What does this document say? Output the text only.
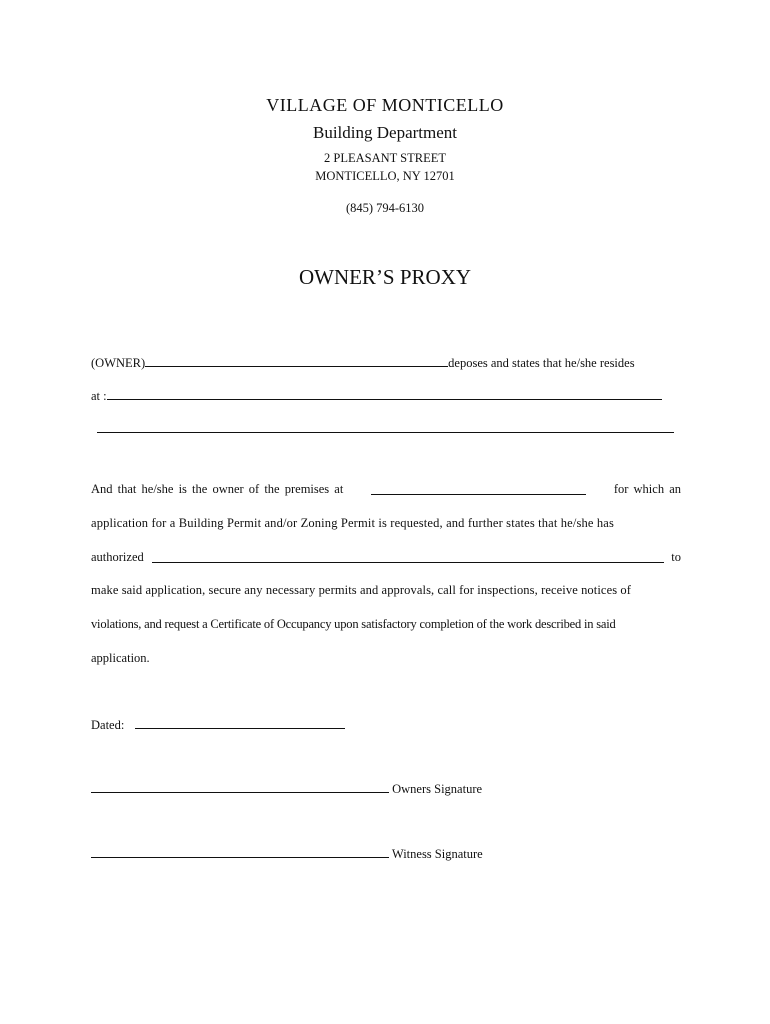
VILLAGE OF MONTICELLO
Building Department
2 PLEASANT STREET
MONTICELLO, NY 12701
(845) 794-6130
OWNER’S PROXY
(OWNER)	deposes and states that he/she resides
at :
And that he/she is the owner of the premises at	for which an
application for a Building Permit and/or Zoning Permit is requested, and further states that he/she has
authorized	to
make said application, secure any necessary permits and approvals, call for inspections, receive notices of
violations, and request a Certificate of Occupancy upon satisfactory completion of the work described in said
application.
Dated:
Owners Signature
Witness Signature
